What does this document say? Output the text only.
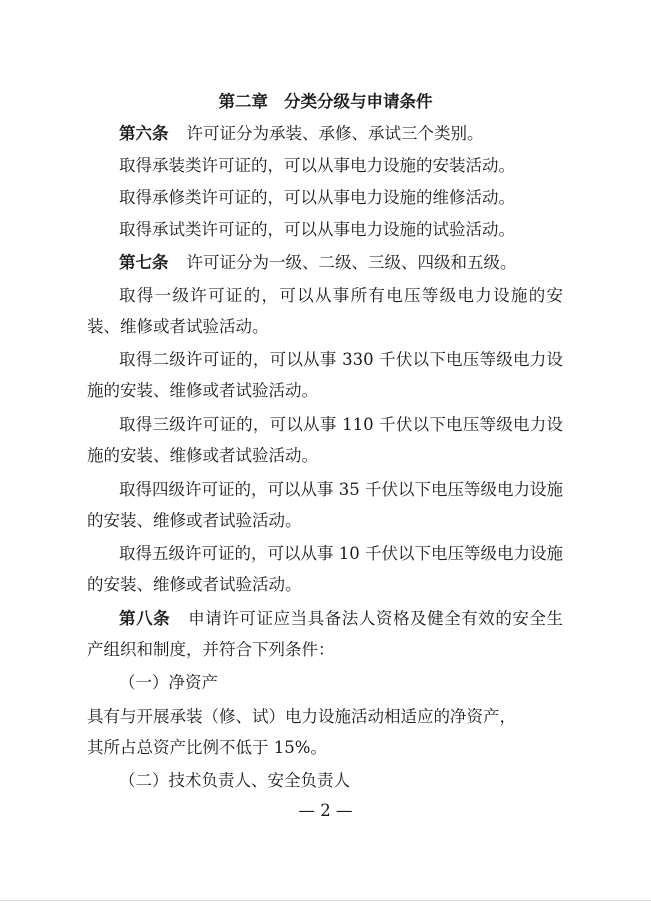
第二章 分类分级与申请条件
第六条 许可证分为承装、承修、承试三个类别。
取得承装类许可证的，可以从事电力设施的安装活动。
取得承修类许可证的，可以从事电力设施的维修活动。
取得承试类许可证的，可以从事电力设施的试验活动。
第七条 许可证分为一级、二级、三级、四级和五级。
取得一级许可证的，可以从事所有电压等级电力设施的安
装、维修或者试验活动。
取得二级许可证的，可以从事 330 千伏以下电压等级电力设
施的安装、维修或者试验活动。
取得三级许可证的，可以从事 110 千伏以下电压等级电力设
施的安装、维修或者试验活动。
取得四级许可证的，可以从事 35 千伏以下电压等级电力设施
的安装、维修或者试验活动。
取得五级许可证的，可以从事 10 千伏以下电压等级电力设施
的安装、维修或者试验活动。
第八条 申请许可证应当具备法人资格及健全有效的安全生
产组织和制度，并符合下列条件：
（一）净资产
具有与开展承装（修、试）电力设施活动相适应的净资产，
其所占总资产比例不低于 15%。
（二）技术负责人、安全负责人
— 2 —
